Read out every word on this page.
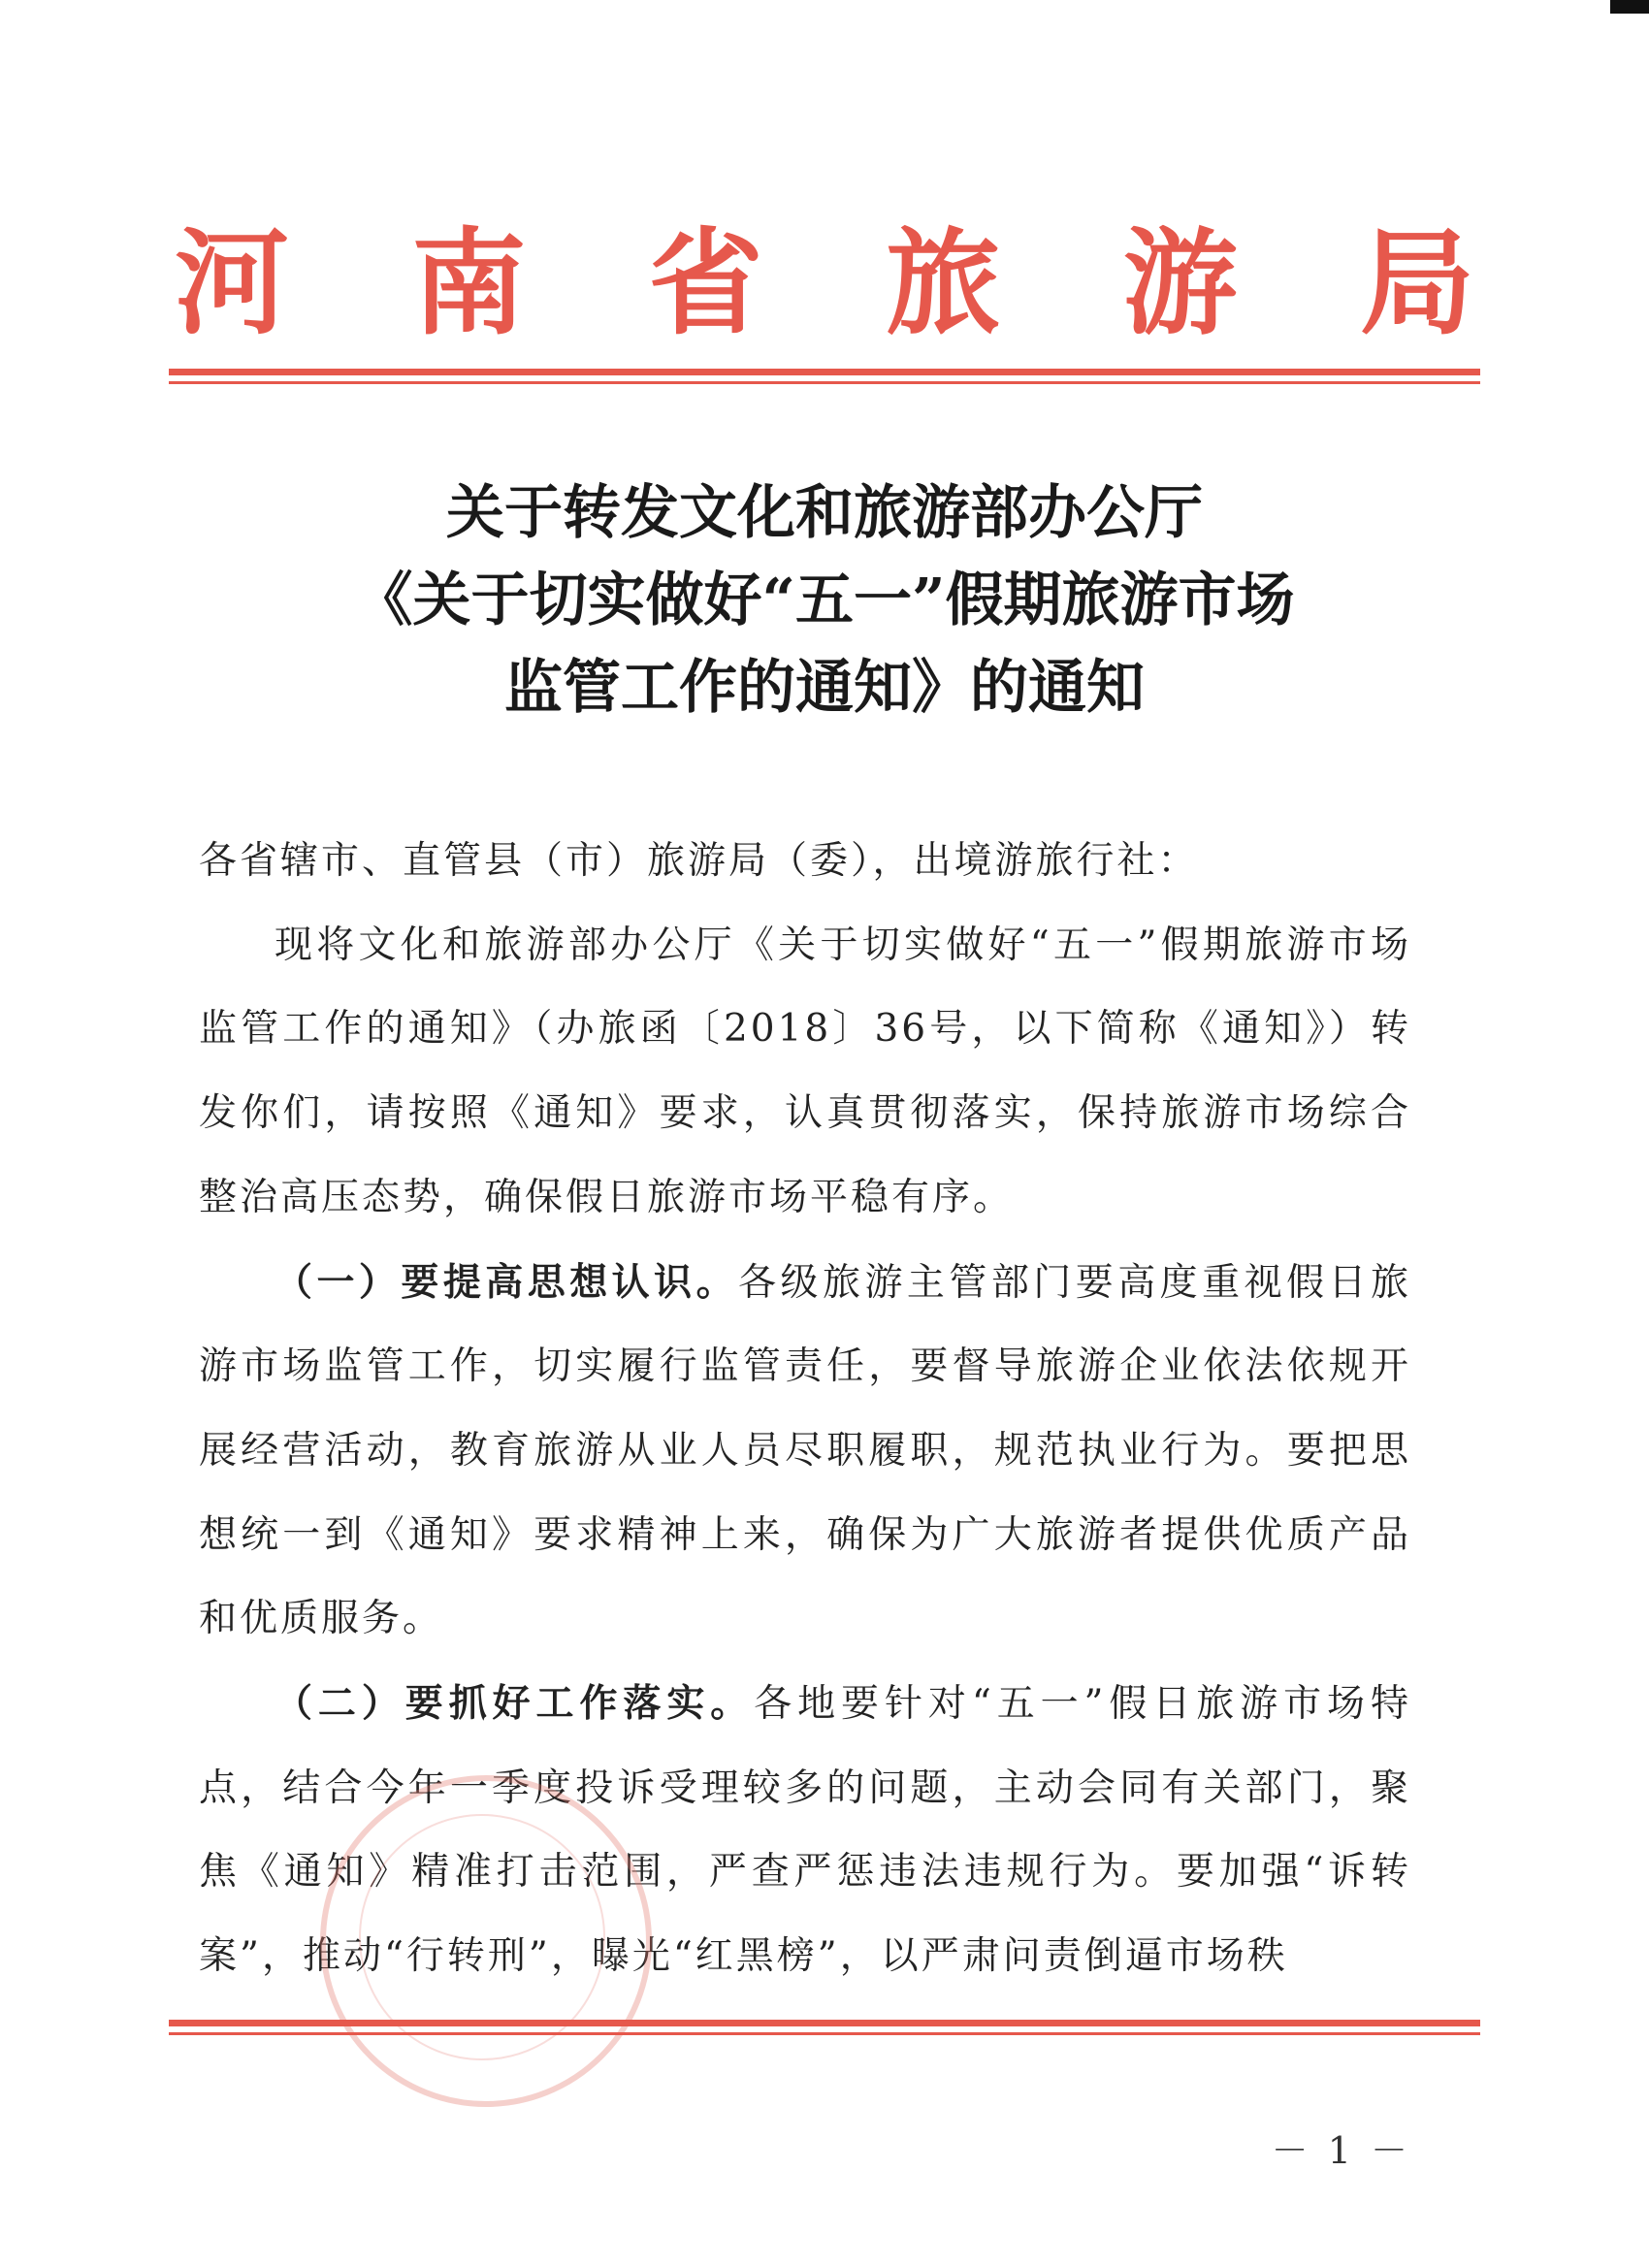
河 南 省 旅 游 局
关于转发文化和旅游部办公厅
《关于切实做好“五一”假期旅游市场
监管工作的通知》的通知

各省辖市、直管县（市）旅游局（委），出境游旅行社：

现将文化和旅游部办公厅《关于切实做好“五一”假期旅游市场监管工作的通知》（办旅函〔2018〕36号，以下简称《通知》）转发你们，请按照《通知》要求，认真贯彻落实，保持旅游市场综合整治高压态势，确保假日旅游市场平稳有序。

（一）要提高思想认识。各级旅游主管部门要高度重视假日旅游市场监管工作，切实履行监管责任，要督导旅游企业依法依规开展经营活动，教育旅游从业人员尽职履职，规范执业行为。要把思想统一到《通知》要求精神上来，确保为广大旅游者提供优质产品和优质服务。

（二）要抓好工作落实。各地要针对“五一”假日旅游市场特点，结合今年一季度投诉受理较多的问题，主动会同有关部门，聚焦《通知》精准打击范围，严查严惩违法违规行为。要加强“诉转案”，推动“行转刑”，曝光“红黑榜”，以严肃问责倒逼市场秩

－ 1 －
